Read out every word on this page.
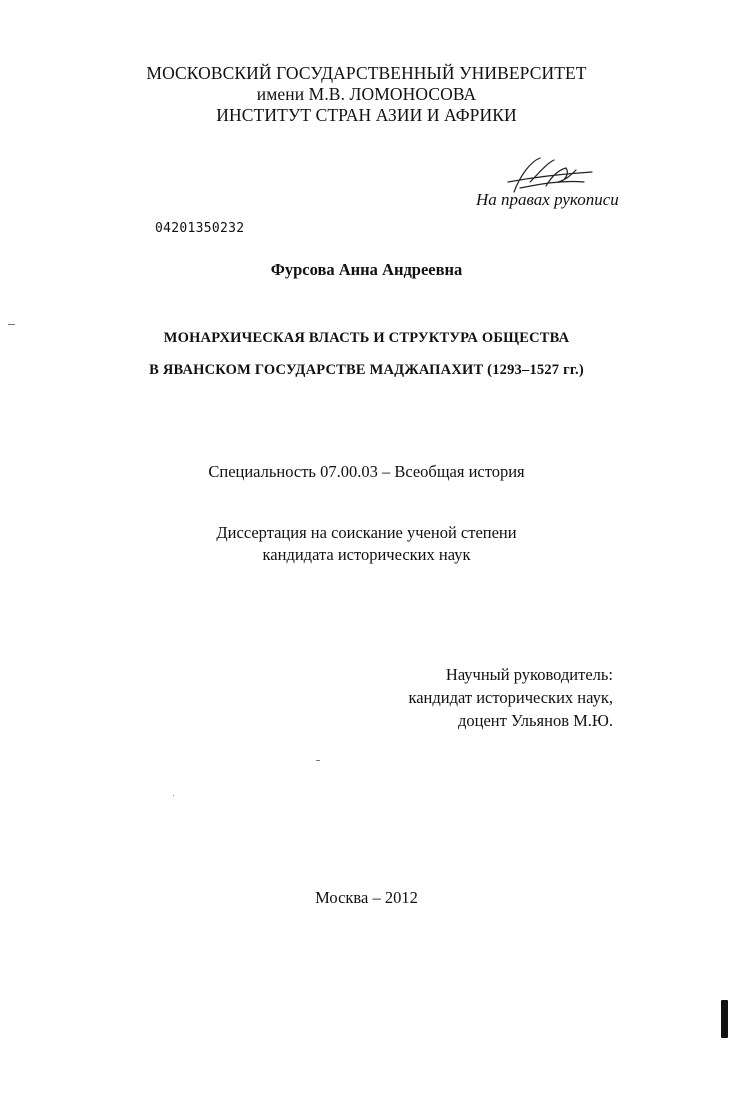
МОСКОВСКИЙ ГОСУДАРСТВЕННЫЙ УНИВЕРСИТЕТ
имени М.В. ЛОМОНОСОВА
ИНСТИТУТ СТРАН АЗИИ И АФРИКИ
На правах рукописи
04201350232
Фурсова Анна Андреевна
МОНАРХИЧЕСКАЯ ВЛАСТЬ И СТРУКТУРА ОБЩЕСТВА
В ЯВАНСКОМ ГОСУДАРСТВЕ МАДЖАПАХИТ (1293–1527 гг.)
Специальность 07.00.03 – Всеобщая история
Диссертация на соискание ученой степени
кандидата исторических наук
Научный руководитель:
кандидат исторических наук,
доцент Ульянов М.Ю.
Москва – 2012
